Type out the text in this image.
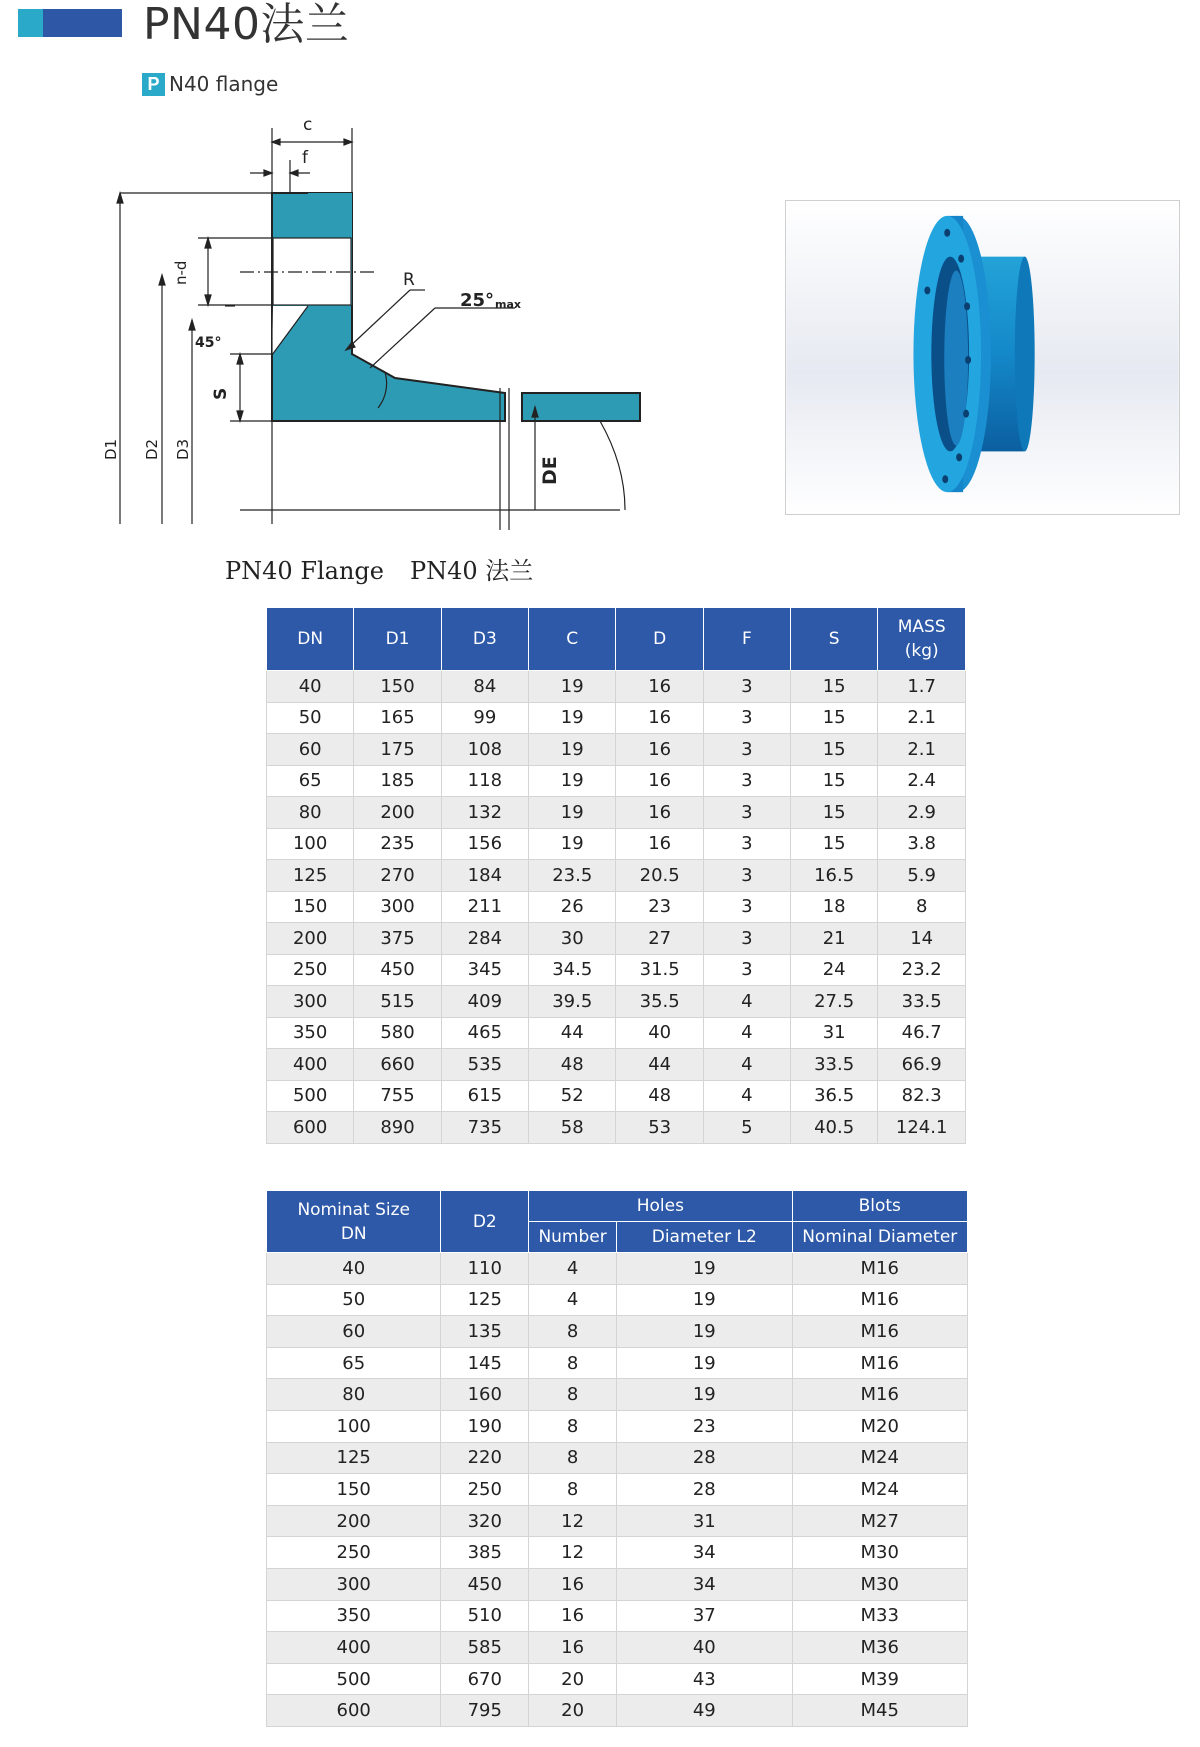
PN40法兰
P N40 flange
c
f
n-d	R
25° max
45°
S
D1 D2 D3
DE
PN40 Flange PN40 法兰
DN	D1	D3	C	D	F	S	MASS
(kg)
40	150	84	19	16	3	15	1.7
50	165	99	19	16	3	15	2.1
60	175	108	19	16	3	15	2.1
65	185	118	19	16	3	15	2.4
80	200	132	19	16	3	15	2.9
100	235	156	19	16	3	15	3.8
125	270	184	23.5	20.5	3	16.5	5.9
150	300	211	26	23	3	18	8
200	375	284	30	27	3	21	14
250	450	345	34.5	31.5	3	24	23.2
300	515	409	39.5	35.5	4	27.5	33.5
350	580	465	44	40	4	31	46.7
400	660	535	48	44	4	33.5	66.9
500	755	615	52	48	4	36.5	82.3
600	890	735	58	53	5	40.5	124.1
Nominat Size
DN	D2	Holes		Blots
		Number	Diameter L2	Nominal Diameter
40	110	4	19	M16
50	125	4	19	M16
60	135	8	19	M16
65	145	8	19	M16
80	160	8	19	M16
100	190	8	23	M20
125	220	8	28	M24
150	250	8	28	M24
200	320	12	31	M27
250	385	12	34	M30
300	450	16	34	M30
350	510	16	37	M33
400	585	16	40	M36
500	670	20	43	M39
600	795	20	49	M45
